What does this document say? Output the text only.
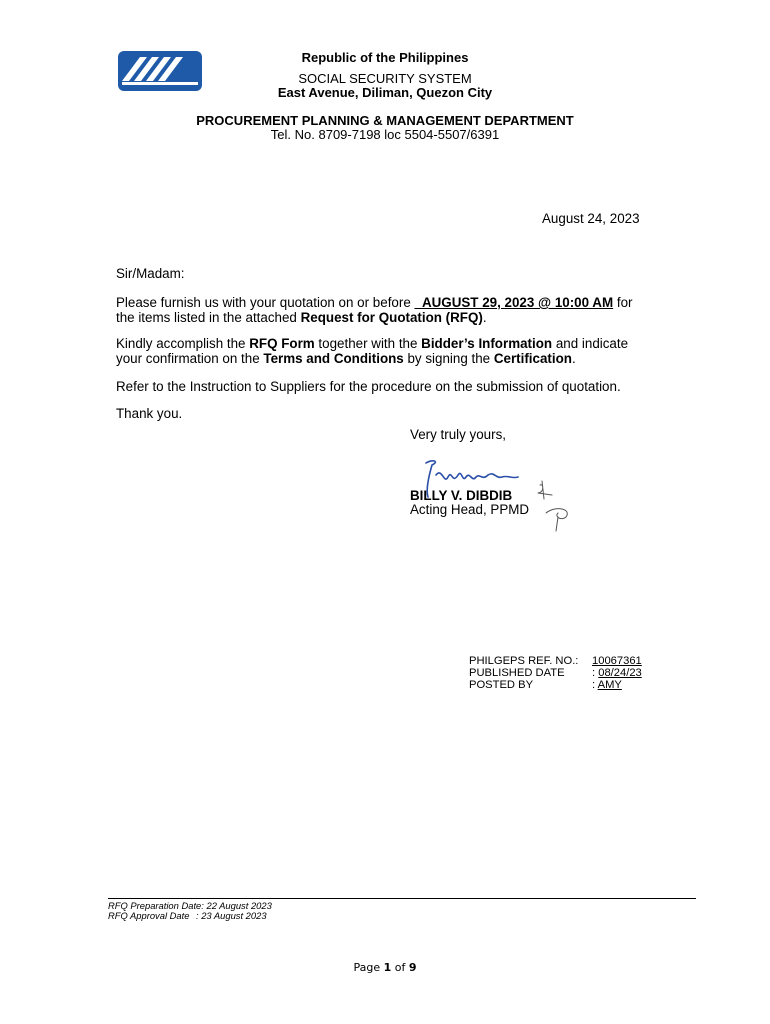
Republic of the Philippines
SOCIAL SECURITY SYSTEM
East Avenue, Diliman, Quezon City
PROCUREMENT PLANNING & MANAGEMENT DEPARTMENT
Tel. No. 8709-7198 loc 5504-5507/6391
August 24, 2023
Sir/Madam:
Please furnish us with your quotation on or before _AUGUST 29, 2023 @ 10:00 AM for
the items listed in the attached Request for Quotation (RFQ).
Kindly accomplish the RFQ Form together with the Bidder’s Information and indicate
your confirmation on the Terms and Conditions by signing the Certification.
Refer to the Instruction to Suppliers for the procedure on the submission of quotation.
Thank you.
Very truly yours,
BILLY V. DIBDIB
Acting Head, PPMD
PHILGEPS REF. NO.: 10067361
PUBLISHED DATE : 08/24/23
POSTED BY	: AMY
RFQ Preparation Date: 22 August 2023
RFQ Approval Date : 23 August 2023
Page 1 of 9
